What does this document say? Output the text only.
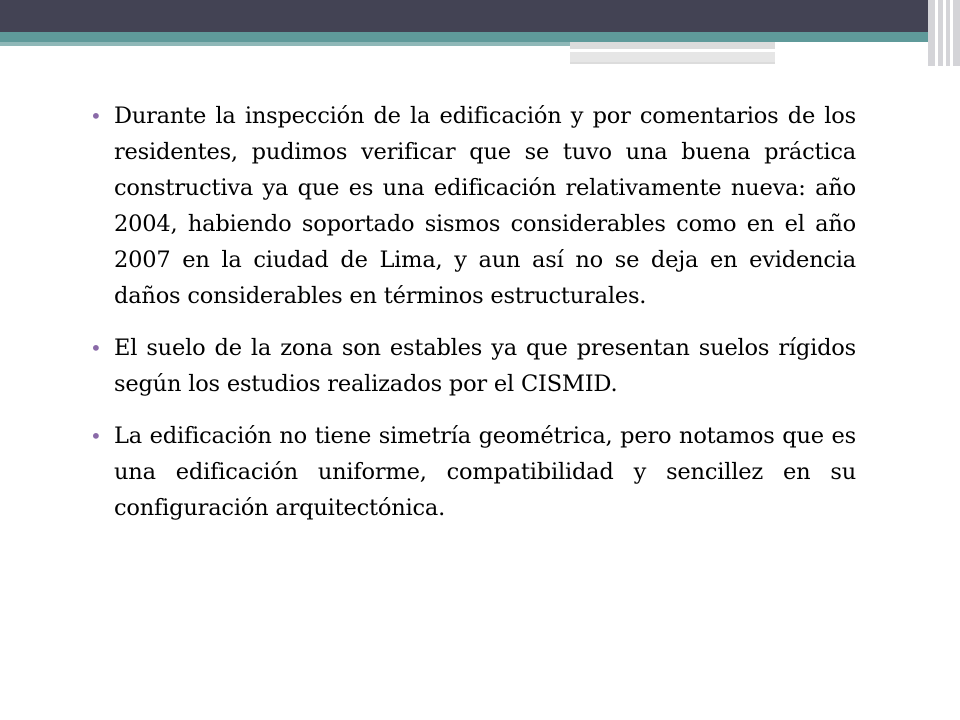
• Durante la inspección de la edificación y por comentarios de los residentes, pudimos verificar que se tuvo una buena práctica constructiva ya que es una edificación relativamente nueva: año 2004, habiendo soportado sismos considerables como en el año 2007 en la ciudad de Lima, y aun así no se deja en evidencia daños considerables en términos estructurales.
• El suelo de la zona son estables ya que presentan suelos rígidos según los estudios realizados por el CISMID.
• La edificación no tiene simetría geométrica, pero notamos que es una edificación uniforme, compatibilidad y sencillez en su configuración arquitectónica.
